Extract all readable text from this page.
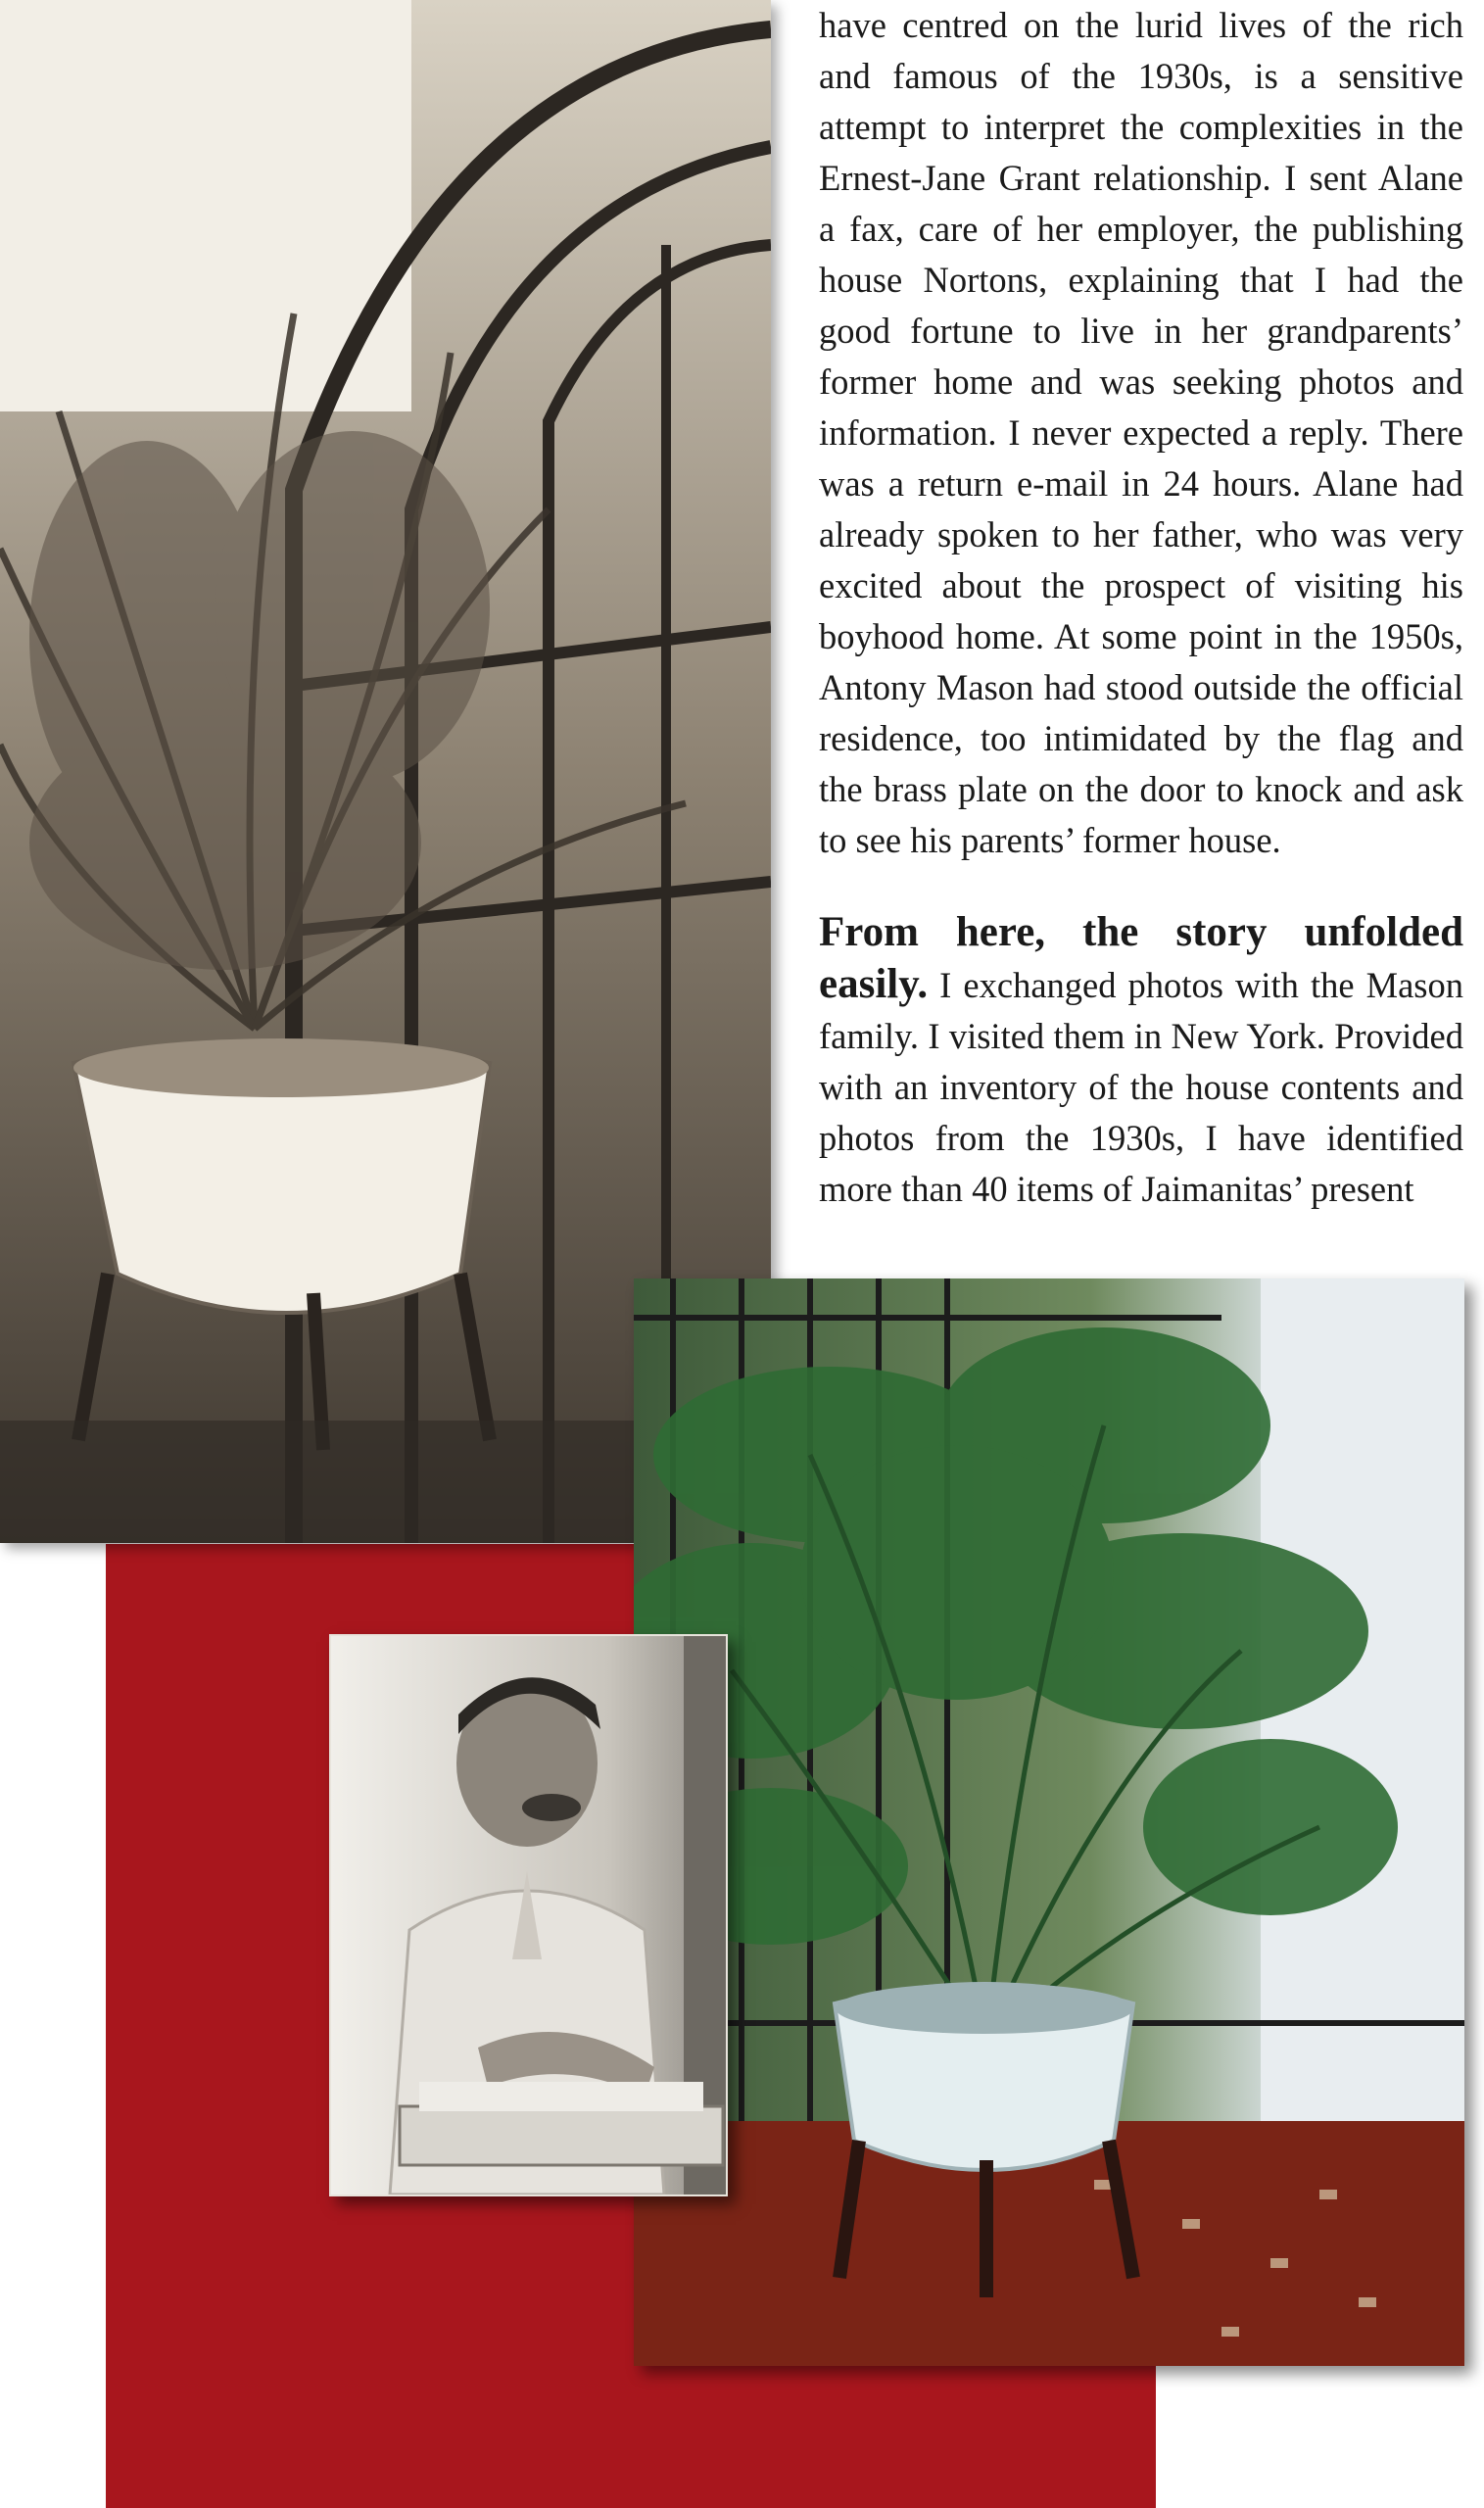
have centred on the lurid lives of the rich and famous of the 1930s, is a sensitive attempt to interpret the complexities in the Ernest-Jane Grant relationship. I sent Alane a fax, care of her employer, the publishing house Nortons, explaining that I had the good fortune to live in her grandparents’ former home and was seeking photos and information. I never expected a reply. There was a return e-mail in 24 hours. Alane had already spoken to her father, who was very excited about the prospect of visiting his boyhood home. At some point in the 1950s, Antony Mason had stood outside the official residence, too intimidated by the flag and the brass plate on the door to knock and ask to see his parents’ former house.

From here, the story unfolded easily. I exchanged photos with the Mason family. I visited them in New York. Provided with an inventory of the house contents and photos from the 1930s, I have identified more than 40 items of Jaimanitas’ present
